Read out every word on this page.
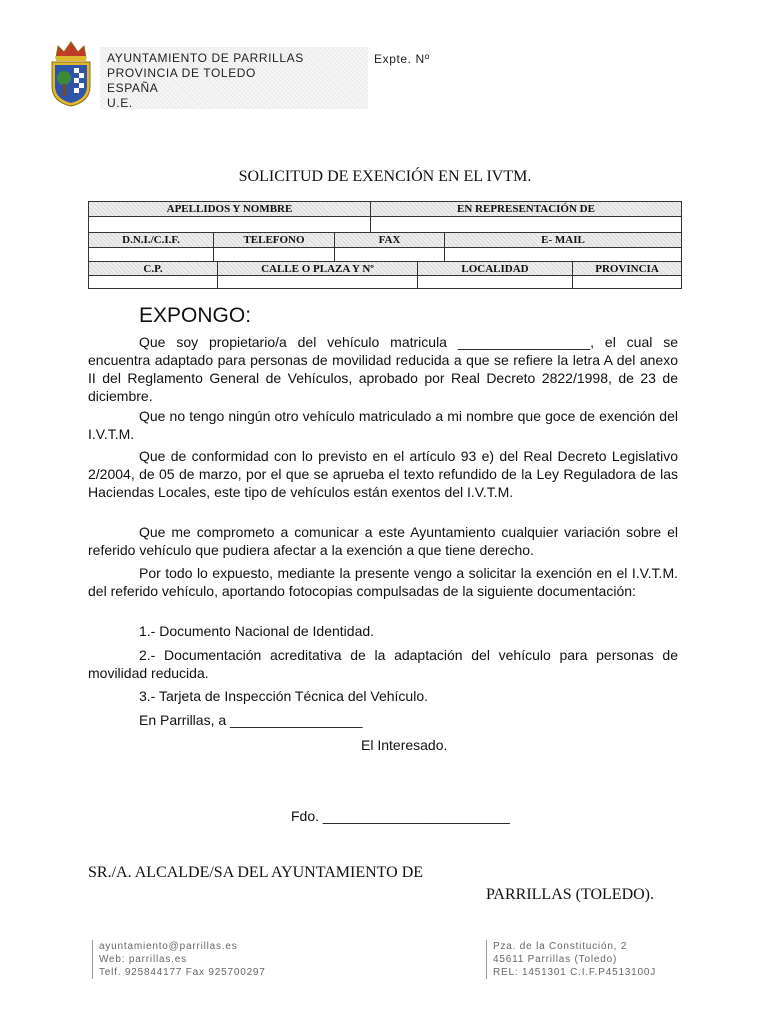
AYUNTAMIENTO DE PARRILLAS
PROVINCIA DE TOLEDO
ESPAÑA
U.E.
Expte. Nº
SOLICITUD DE EXENCIÓN EN EL IVTM.
APELLIDOS Y NOMBRE	EN REPRESENTACIÓN DE
D.N.I./C.I.F.	TELEFONO	FAX	E- MAIL
C.P.	CALLE O PLAZA Y Nº	LOCALIDAD	PROVINCIA
EXPONGO:
Que soy propietario/a del vehículo matricula _________________, el cual se encuentra adaptado para personas de movilidad reducida a que se refiere la letra A del anexo II del Reglamento General de Vehículos, aprobado por Real Decreto 2822/1998, de 23 de diciembre.
Que no tengo ningún otro vehículo matriculado a mi nombre que goce de exención del I.V.T.M.
Que de conformidad con lo previsto en el artículo 93 e) del Real Decreto Legislativo 2/2004, de 05 de marzo, por el que se aprueba el texto refundido de la Ley Reguladora de las Haciendas Locales, este tipo de vehículos están exentos del I.V.T.M.
Que me comprometo a comunicar a este Ayuntamiento cualquier variación sobre el referido vehículo que pudiera afectar a la exención a que tiene derecho.
Por todo lo expuesto, mediante la presente vengo a solicitar la exención en el I.V.T.M. del referido vehículo, aportando fotocopias compulsadas de la siguiente documentación:
1.- Documento Nacional de Identidad.
2.- Documentación acreditativa de la adaptación del vehículo para personas de movilidad reducida.
3.- Tarjeta de Inspección Técnica del Vehículo.
En Parrillas, a _________________
El Interesado.
Fdo. ________________________
SR./A. ALCALDE/SA DEL AYUNTAMIENTO DE
PARRILLAS (TOLEDO).
ayuntamiento@parrillas.es
Web: parrillas.es
Telf. 925844177 Fax 925700297
Pza. de la Constitución, 2
45611 Parrillas (Toledo)
REL: 1451301 C.I.F.P4513100J
